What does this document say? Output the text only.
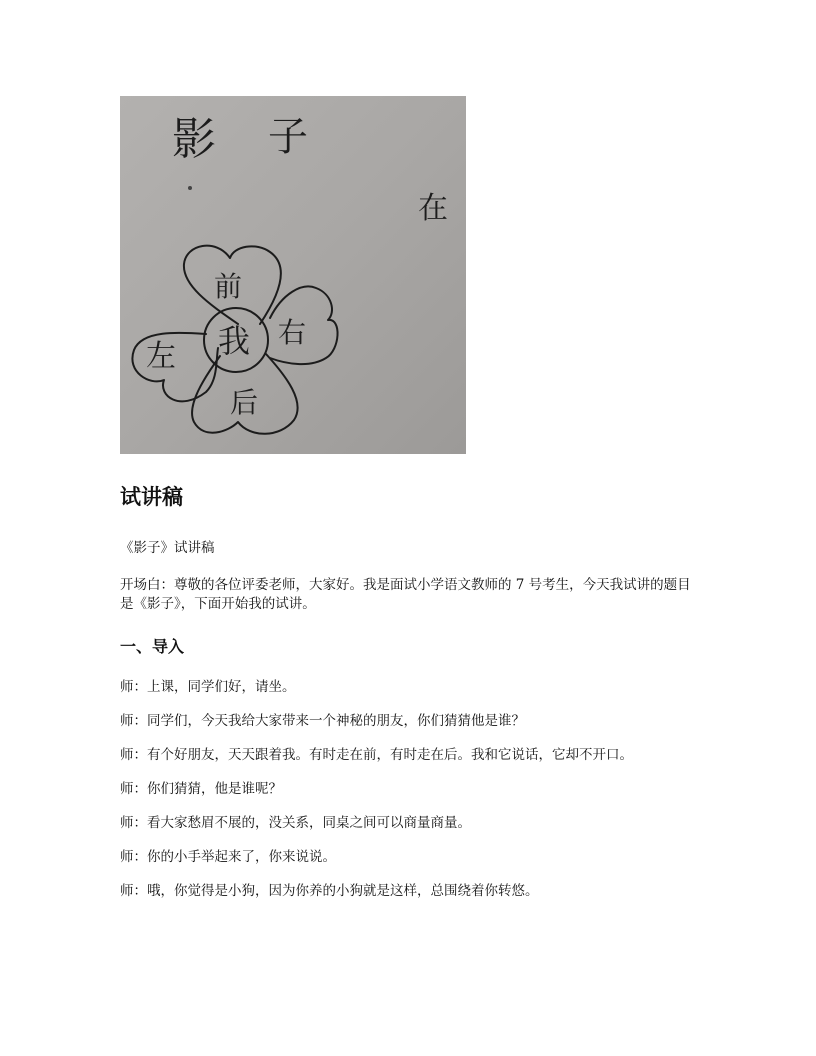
影 子
在
前
我
左
右
后
试讲稿
《影子》试讲稿
开场白：尊敬的各位评委老师，大家好。我是面试小学语文教师的 7 号考生，今天我试讲的题目是《影子》，下面开始我的试讲。
一、导入
师：上课，同学们好，请坐。
师：同学们，今天我给大家带来一个神秘的朋友，你们猜猜他是谁？
师：有个好朋友，天天跟着我。有时走在前，有时走在后。我和它说话，它却不开口。
师：你们猜猜，他是谁呢？
师：看大家愁眉不展的，没关系，同桌之间可以商量商量。
师：你的小手举起来了，你来说说。
师：哦，你觉得是小狗，因为你养的小狗就是这样，总围绕着你转悠。
